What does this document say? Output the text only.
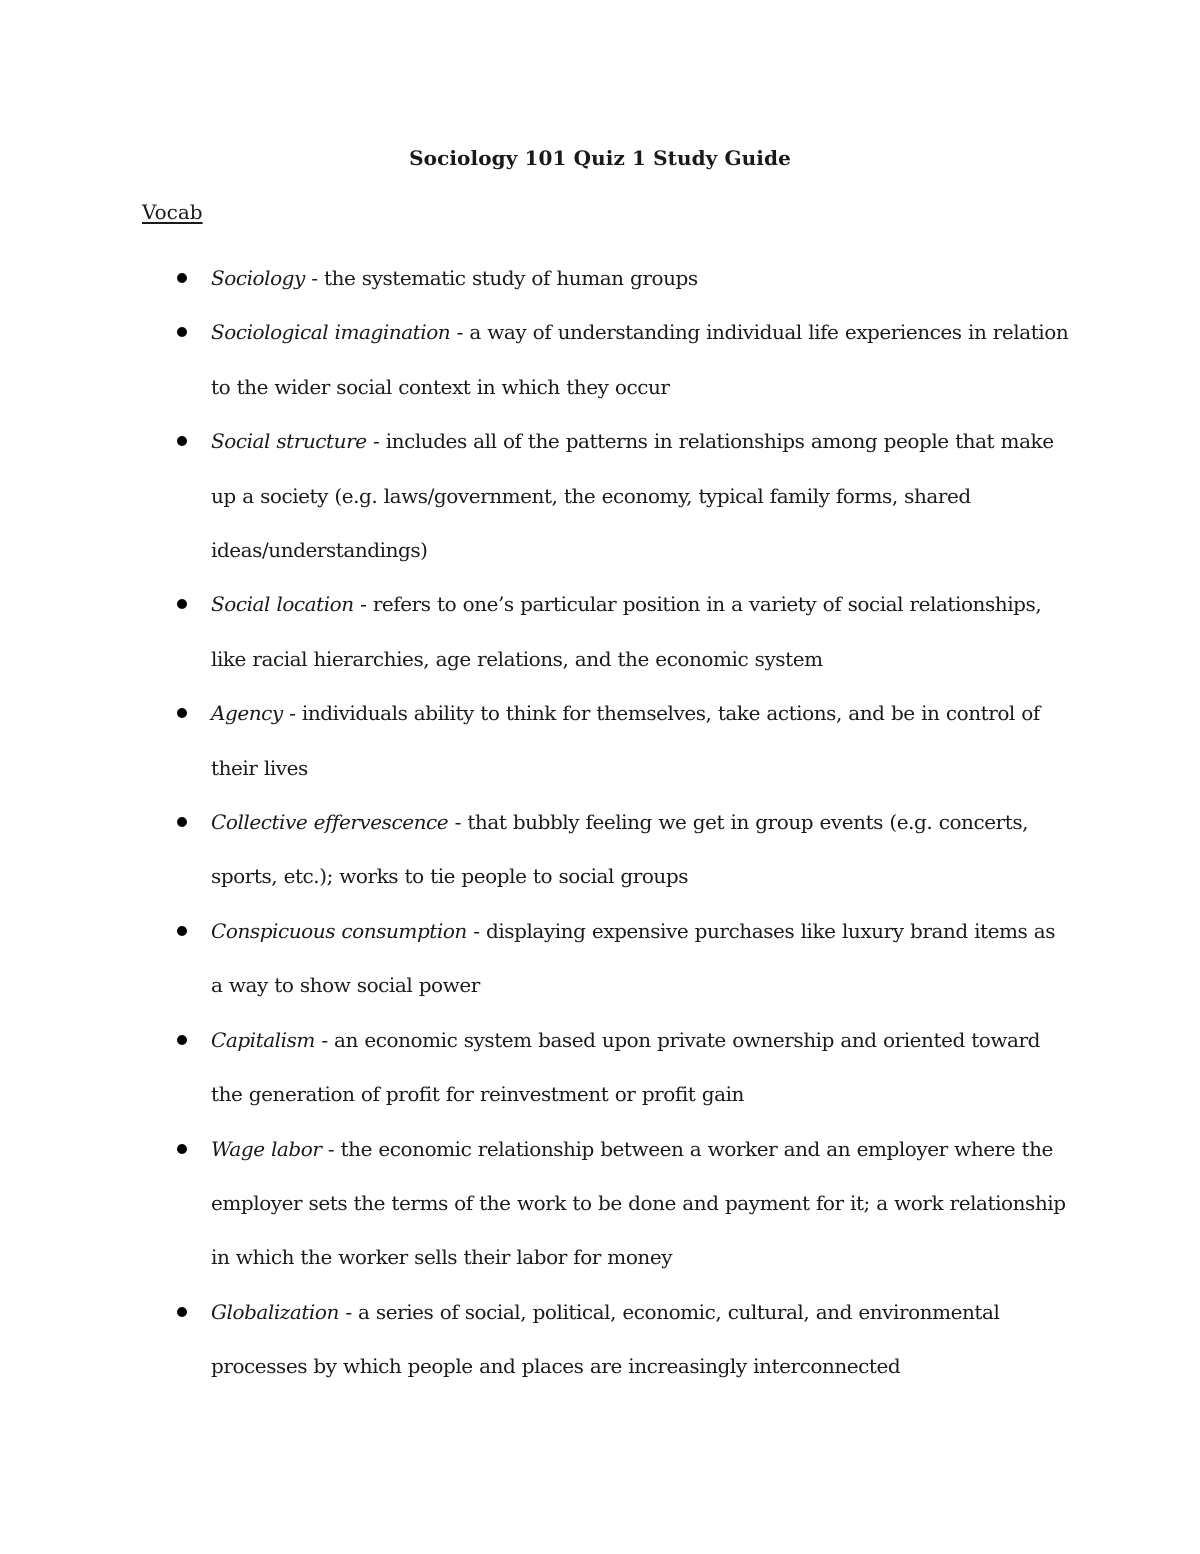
Sociology 101 Quiz 1 Study Guide
Vocab
Sociology - the systematic study of human groups
Sociological imagination - a way of understanding individual life experiences in relation to the wider social context in which they occur
Social structure - includes all of the patterns in relationships among people that make up a society (e.g. laws/government, the economy, typical family forms, shared ideas/understandings)
Social location - refers to one’s particular position in a variety of social relationships, like racial hierarchies, age relations, and the economic system
Agency - individuals ability to think for themselves, take actions, and be in control of their lives
Collective effervescence - that bubbly feeling we get in group events (e.g. concerts, sports, etc.); works to tie people to social groups
Conspicuous consumption - displaying expensive purchases like luxury brand items as a way to show social power
Capitalism - an economic system based upon private ownership and oriented toward the generation of profit for reinvestment or profit gain
Wage labor - the economic relationship between a worker and an employer where the employer sets the terms of the work to be done and payment for it; a work relationship in which the worker sells their labor for money
Globalization - a series of social, political, economic, cultural, and environmental processes by which people and places are increasingly interconnected
